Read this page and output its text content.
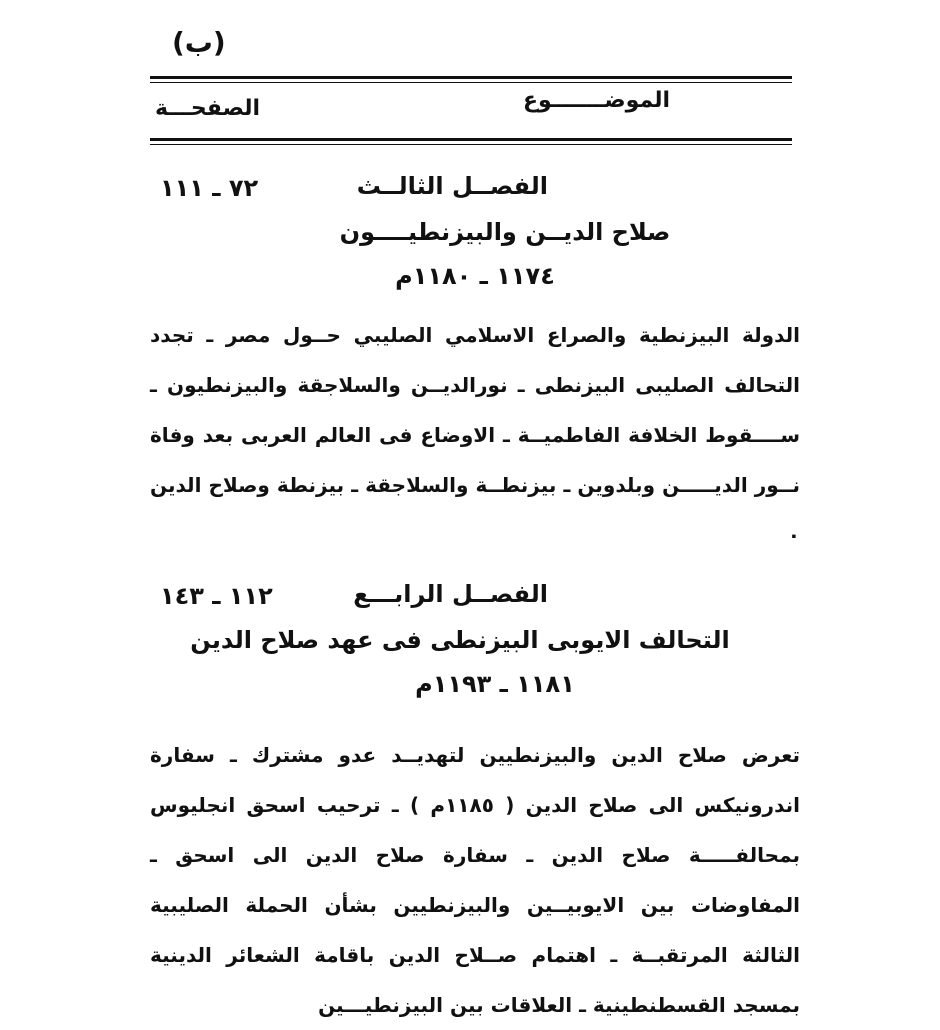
(ب)
الموضـــــــوع
الصفحـــة
الفصــل الثالــث
٧٢ ـ ١١١
صلاح الديــن والبيزنطيــــون
١١٧٤ ـ ١١٨٠م
الدولة البيزنطية والصراع الاسلامي الصليبي حــول مصر ـ تجدد التحالف الصليبى البيزنطى ـ نورالديــن والسلاجقة والبيزنطيون ـ ســــقوط الخلافة الفاطميــة ـ الاوضاع فى العالم العربى بعد وفاة نــور الديـــــن وبلدوين ـ بيزنطــة والسلاجقة ـ بيزنطة وصلاح الدين ٠
الفصــل الرابـــع
١١٢ ـ ١٤٣
التحالف الايوبى البيزنطى فى عهد صلاح الدين
١١٨١ ـ ١١٩٣م
تعرض صلاح الدين والبيزنطيين لتهديــد عدو مشترك ـ سفارة اندرونيكس الى صلاح الدين ( ١١٨٥م ) ـ ترحيب اسحق انجليوس بمحالفـــــة صلاح الدين ـ سفارة صلاح الدين الى اسحق ـ المفاوضات بين الايوبيــين والبيزنطيين بشأن الحملة الصليبية الثالثة المرتقبــة ـ اهتمام صــلاح الدين باقامة الشعائر الدينية بمسجد القسطنطينية ـ العلاقات بين البيزنطيـــين
